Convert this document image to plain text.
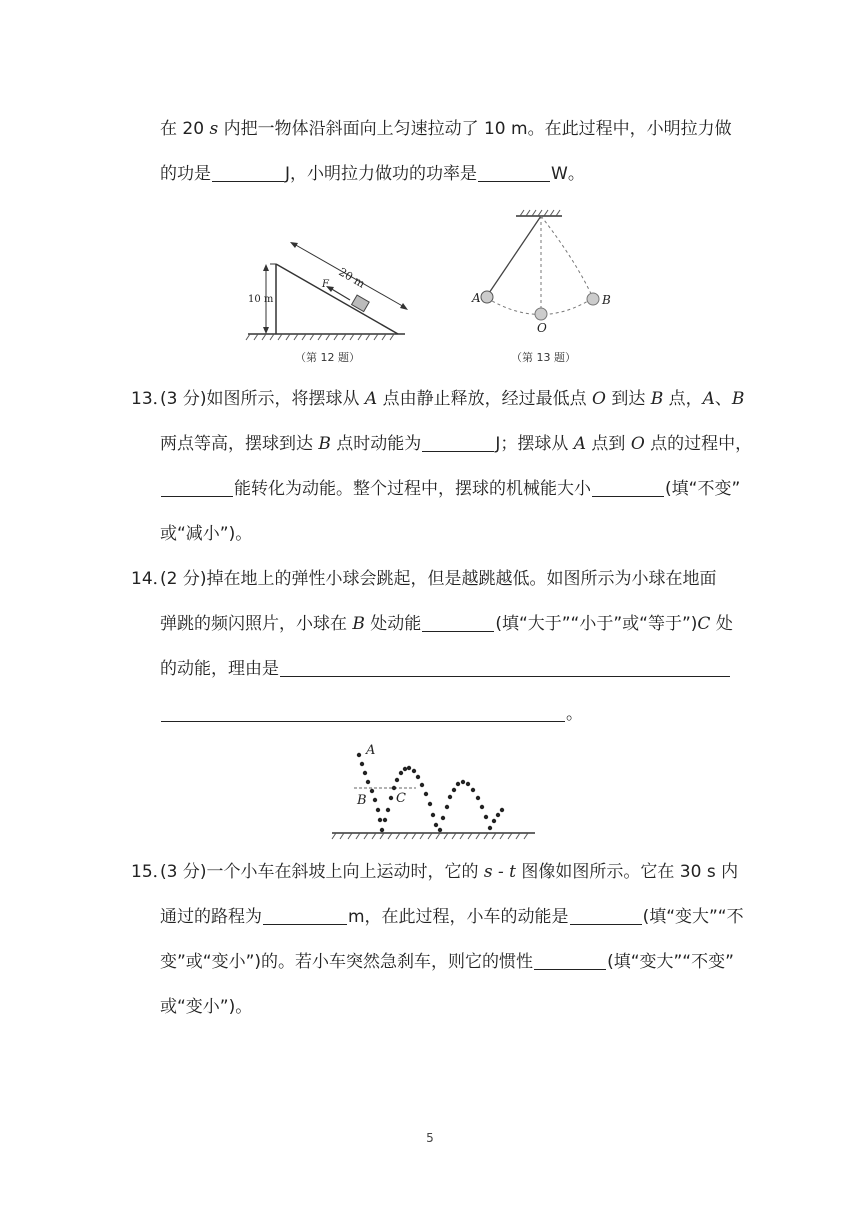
在 20 s 内把一物体沿斜面向上匀速拉动了 10 m。在此过程中，小明拉力做
的功是	J，小明拉力做功的功率是	W。
10 m
20 m
F
（第 12 题）
A	B
O
（第 13 题）
13．
(3 分)如图所示，将摆球从 A 点由静止释放，经过最低点 O 到达 B 点，A、B
两点等高，摆球到达 B 点时动能为	J；摆球从 A 点到 O 点的过程中，
能转化为动能。整个过程中，摆球的机械能大小	(填“不变”
或“减小”)。
14．
(2 分)掉在地上的弹性小球会跳起，但是越跳越低。如图所示为小球在地面
弹跳的频闪照片，小球在 B 处动能	(填“大于”“小于”或“等于”)C 处
的动能，理由是
。
A
B C
15．
(3 分)一个小车在斜坡上向上运动时，它的 s - t 图像如图所示。它在 30 s 内
通过的路程为	m，在此过程，小车的动能是	(填“变大”“不
变”或“变小”)的。若小车突然急刹车，则它的惯性	(填“变大”“不变”
或“变小”)。
5
